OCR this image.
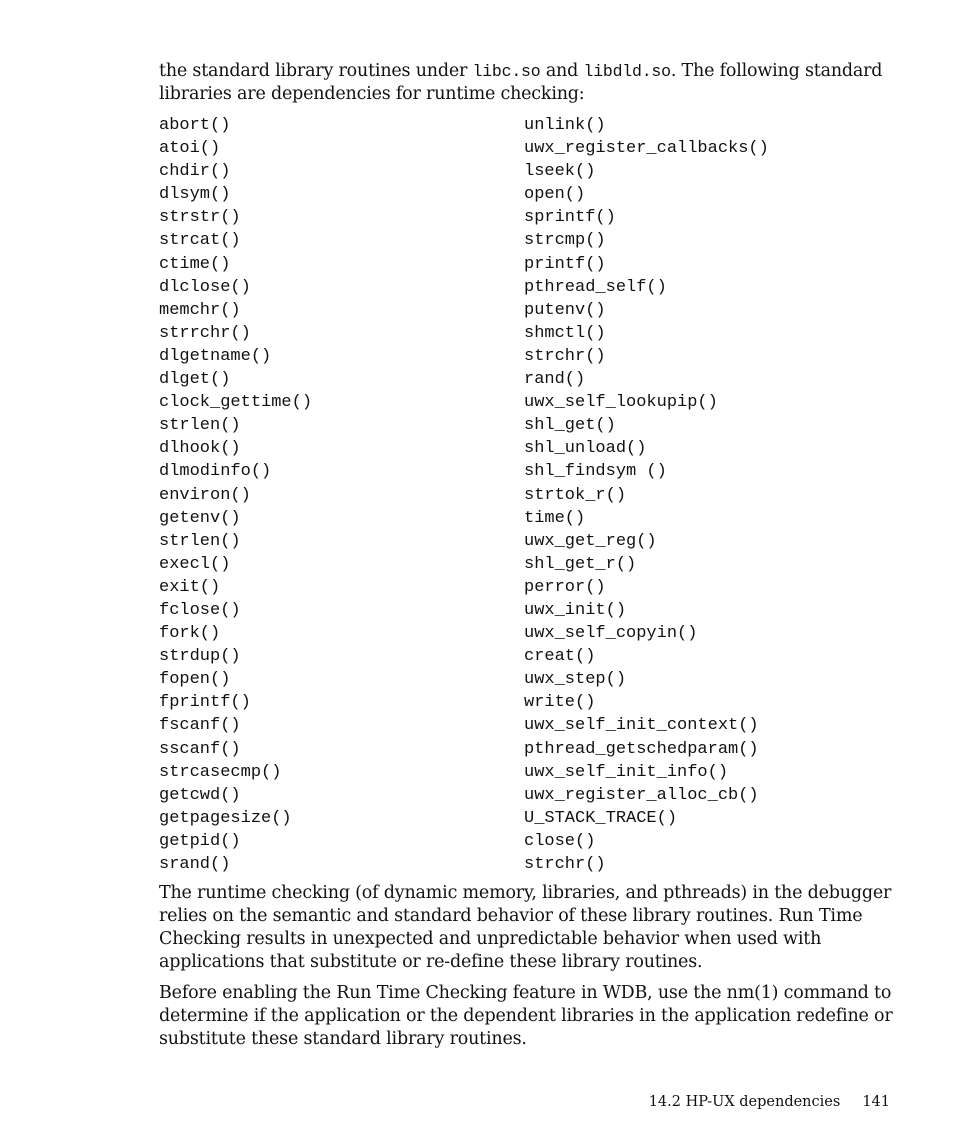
the standard library routines under libc.so and libdld.so. The following standard libraries are dependencies for runtime checking:

abort()	unlink()
atoi()	uwx_register_callbacks()
chdir()	lseek()
dlsym()	open()
strstr()	sprintf()
strcat()	strcmp()
ctime()	printf()
dlclose()	pthread_self()
memchr()	putenv()
strrchr()	shmctl()
dlgetname()	strchr()
dlget()	rand()
clock_gettime()	uwx_self_lookupip()
strlen()	shl_get()
dlhook()	shl_unload()
dlmodinfo()	shl_findsym ()
environ()	strtok_r()
getenv()	time()
strlen()	uwx_get_reg()
execl()	shl_get_r()
exit()	perror()
fclose()	uwx_init()
fork()	uwx_self_copyin()
strdup()	creat()
fopen()	uwx_step()
fprintf()	write()
fscanf()	uwx_self_init_context()
sscanf()	pthread_getschedparam()
strcasecmp()	uwx_self_init_info()
getcwd()	uwx_register_alloc_cb()
getpagesize()	U_STACK_TRACE()
getpid()	close()
srand()	strchr()

The runtime checking (of dynamic memory, libraries, and pthreads) in the debugger relies on the semantic and standard behavior of these library routines. Run Time Checking results in unexpected and unpredictable behavior when used with applications that substitute or re-define these library routines.

Before enabling the Run Time Checking feature in WDB, use the nm(1) command to determine if the application or the dependent libraries in the application redefine or substitute these standard library routines.

14.2 HP-UX dependencies 141
